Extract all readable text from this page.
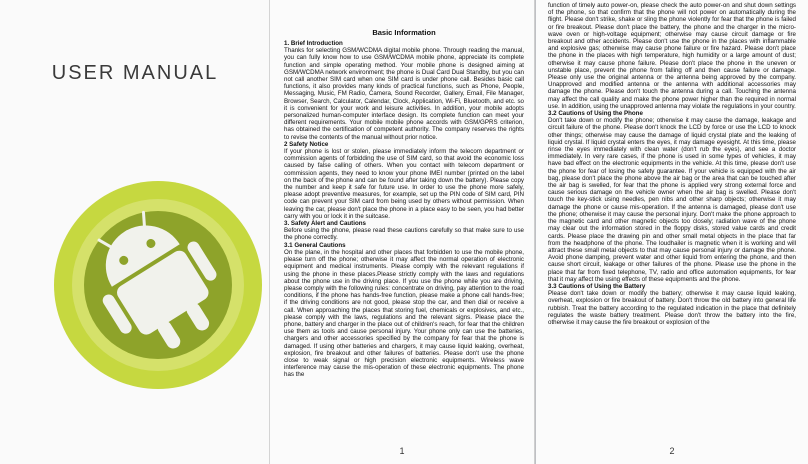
USER MANUAL
Basic Information
1. Brief Introduction

Thanks for selecting GSM/WCDMA digital mobile phone. Through reading the manual, you can fully know how to use GSM/WCDMA mobile phone, appreciate its complete function and simple operating method. Your mobile phone is designed aiming at GSM/WCDMA network environment; the phone is Dual Card Dual Standby, but you can not call another SIM card when one SIM card is under phone call. Besides basic call functions, it also provides many kinds of practical functions, such as Phone, People, Messaging, Music, FM Radio, Camera, Sound Recorder, Gallery, Email, File Manager, Browser, Search, Calculator, Calendar, Clock, Application, Wi-Fi, Bluetooth, and etc. so it is convenient for your work and leisure activities. In addition, your mobile adopts personalized human-computer interface design. Its complete function can meet your different requirements. Your mobile mobile phone accords with GSM/GPRS criterion, has obtained the certification of competent authority. The company reserves the rights to revise the contents of the manual without prior notice.

2 Safety Notice

If your phone is lost or stolen, please immediately inform the telecom department or commission agents of forbidding the use of SIM card, so that avoid the economic loss caused by false calling of others. When you contact with telecom department or commission agents, they need to know your phone IMEI number (printed on the label on the back of the phone and can be found after taking down the battery). Please copy the number and keep it safe for future use. In order to use the phone more safely, please adopt preventive measures, for example, set up the PIN code of SIM card, PIN code can prevent your SIM card from being used by others without permission. When leaving the car, please don't place the phone in a place easy to be seen, you had better carry with you or lock it in the suitcase.

3. Safety Alert and Cautions

Before using the phone, please read these cautions carefully so that make sure to use the phone correctly.

3.1 General Cautions

On the plane, in the hospital and other places that forbidden to use the mobile phone, please turn off the phone; otherwise it may affect the normal operation of electronic equipment and medical instruments. Please comply with the relevant regulations if using the phone in these places.Please strictly comply with the laws and regulations about the phone use in the driving place. If you use the phone while you are driving, please comply with the following rules: concentrate on driving, pay attention to the road conditions, if the phone has hands-free function, please make a phone call hands-free; if the driving conditions are not good, please stop the car, and then dial or receive a call. When approaching the places that storing fuel, chemicals or explosives, and etc., please comply with the laws, regulations and the relevant signs. Please place the phone, battery and charger in the place out of children's reach, for fear that the children use them as tools and cause personal injury. Your phone only can use the batteries, chargers and other accessories specified by the company for fear that the phone is damaged. If using other batteries and chargers, it may cause liquid leaking, overheat, explosion, fire breakout and other failures of batteries. Please don't use the phone close to weak signal or high precision electronic equipments. Wireless wave interference may cause the mis-operation of these electronic equipments. The phone has the

1

function of timely auto power-on, please check the auto power-on and shut down settings of the phone, so that confirm that the phone will not power on automatically during the flight. Please don't strike, shake or sling the phone violently for fear that the phone is failed or fire breakout. Please don't place the battery, the phone and the charger in the micro-wave oven or high-voltage equipment; otherwise may cause circuit damage or fire breakout and other accidents. Please don't use the phone in the places with inflammable and explosive gas; otherwise may cause phone failure or fire hazard. Please don't place the phone in the places with high temperature, high humidity or a large amount of dust; otherwise it may cause phone failure. Please don't place the phone in the uneven or unstable place, prevent the phone from falling off and then cause failure or damage. Please only use the original antenna or the antenna being approved by the company. Unapproved and modified antenna or the antenna with additional accessories may damage the phone. Please don't touch the antenna during a call. Touching the antenna may affect the call quality and make the phone power higher than the required in normal use. In addition, using the unapproved antenna may violate the regulations in your country.

3.2 Cautions of Using the Phone

Don't take down or modify the phone; otherwise it may cause the damage, leakage and circuit failure of the phone. Please don't knock the LCD by force or use the LCD to knock other things; otherwise may cause the damage of liquid crystal plate and the leaking of liquid crystal. If liquid crystal enters the eyes, it may damage eyesight. At this time, please rinse the eyes immediately with clean water (don't rub the eyes), and see a doctor immediately. In very rare cases, if the phone is used in some types of vehicles, it may have bad effect on the electronic equipments in the vehicle. At this time, please don't use the phone for fear of losing the safety guarantee. If your vehicle is equipped with the air bag, please don't place the phone above the air bag or the area that can be touched after the air bag is swelled, for fear that the phone is applied very strong external force and cause serious damage on the vehicle owner when the air bag is swelled. Please don't touch the key-stick using needles, pen nibs and other sharp objects; otherwise it may damage the phone or cause mis-operation. If the antenna is damaged, please don't use the phone; otherwise it may cause the personal injury. Don't make the phone approach to the magnetic card and other magnetic objects too closely; radiation wave of the phone may clear out the information stored in the floppy disks, stored value cards and credit cards. Please place the drawing pin and other small metal objects in the place that far from the headphone of the phone. The loudhailer is magnetic when it is working and will attract these small metal objects to that may cause personal injury or damage the phone. Avoid phone damping, prevent water and other liquid from entering the phone, and then cause short circuit, leakage or other failures of the phone. Please use the phone in the place that far from fixed telephone, TV, radio and office automation equipments, for fear that it may affect the using effects of these equipments and the phone.

3.3 Cautions of Using the Battery

Please don't take down or modify the battery; otherwise it may cause liquid leaking, overheat, explosion or fire breakout of battery. Don't throw the old battery into general life rubbish. Treat the battery according to the regulated indication in the place that definitely regulates the waste battery treatment. Please don't throw the battery into the fire, otherwise it may cause the fire breakout or explosion of the

2
